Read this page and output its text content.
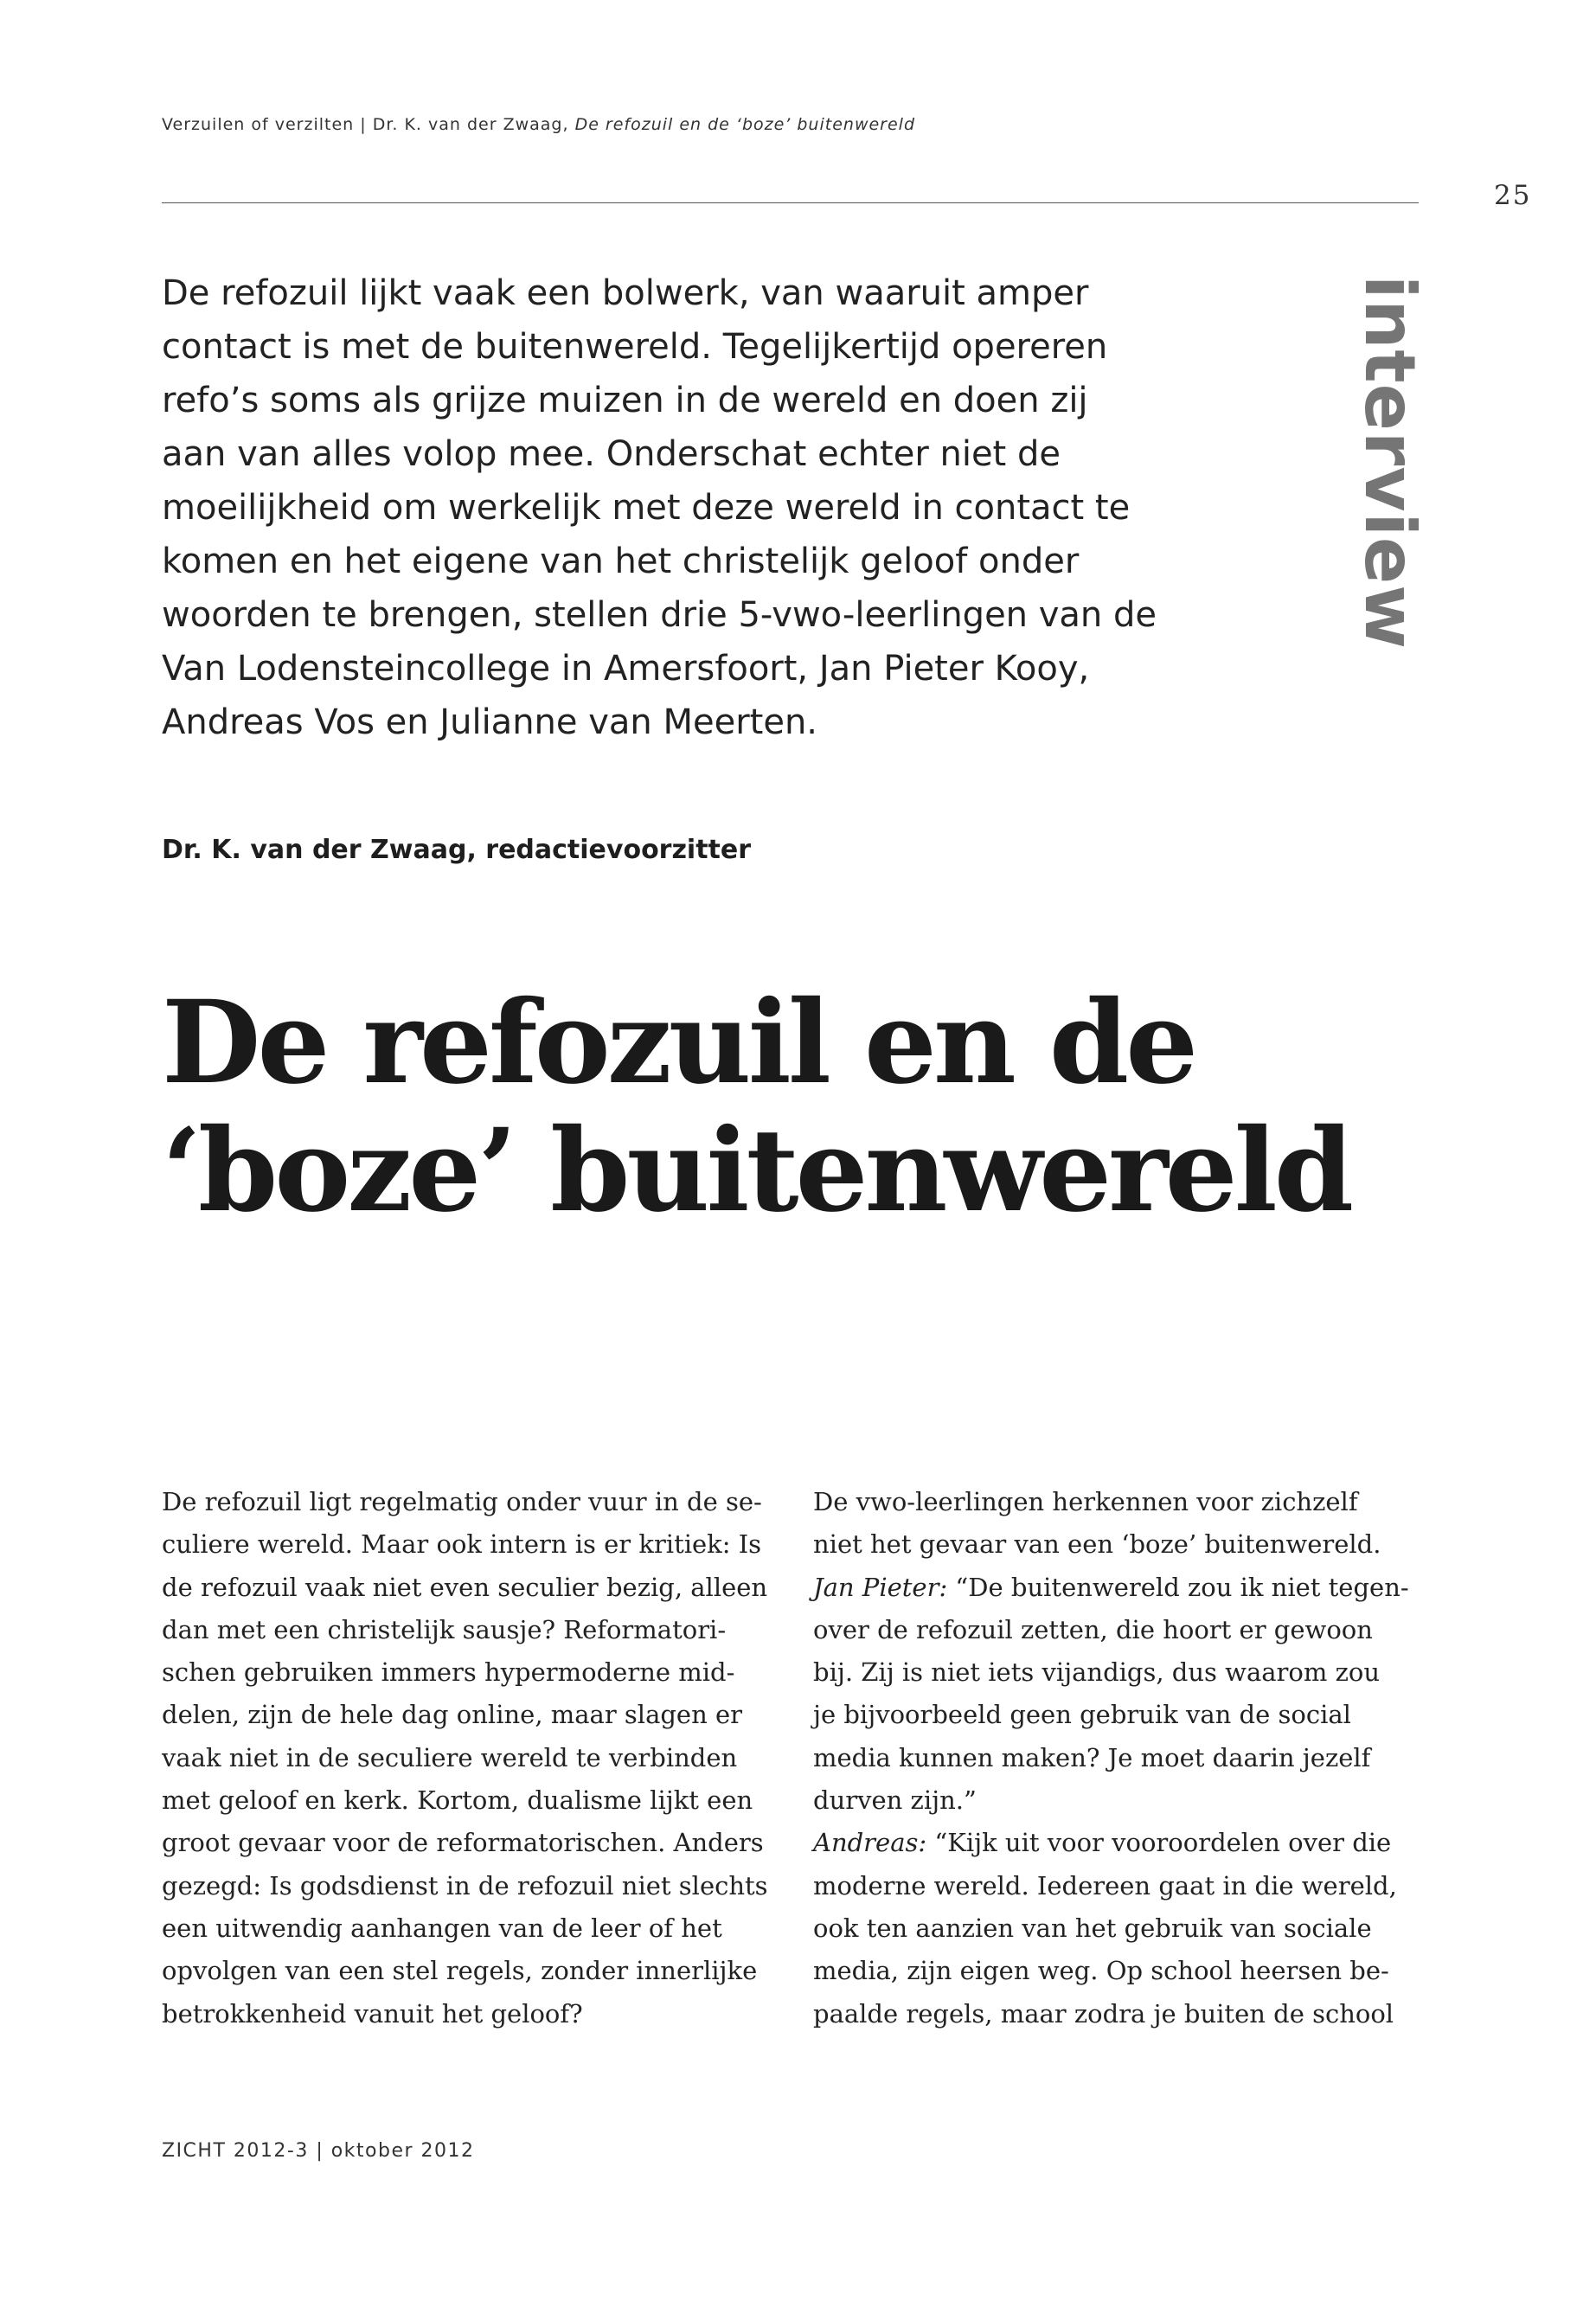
Verzuilen of verzilten | Dr. K. van der Zwaag, De refozuil en de ‘boze’ buitenwereld
25
interview
De refozuil lijkt vaak een bolwerk, van waaruit amper
contact is met de buitenwereld. Tegelijkertijd opereren
refo’s soms als grijze muizen in de wereld en doen zij
aan van alles volop mee. Onderschat echter niet de
moeilijkheid om werkelijk met deze wereld in contact te
komen en het eigene van het christelijk geloof onder
woorden te brengen, stellen drie 5-vwo-leerlingen van de
Van Lodensteincollege in Amersfoort, Jan Pieter Kooy,
Andreas Vos en Julianne van Meerten.
Dr. K. van der Zwaag, redactievoorzitter
De refozuil en de
‘boze’ buitenwereld
De refozuil ligt regelmatig onder vuur in de se-
culiere wereld. Maar ook intern is er kritiek: Is
de refozuil vaak niet even seculier bezig, alleen
dan met een christelijk sausje? Reformatori-
schen gebruiken immers hypermoderne mid-
delen, zijn de hele dag online, maar slagen er
vaak niet in de seculiere wereld te verbinden
met geloof en kerk. Kortom, dualisme lijkt een
groot gevaar voor de reformatorischen. Anders
gezegd: Is godsdienst in de refozuil niet slechts
een uitwendig aanhangen van de leer of het
opvolgen van een stel regels, zonder innerlijke
betrokkenheid vanuit het geloof?
De vwo-leerlingen herkennen voor zichzelf
niet het gevaar van een ‘boze’ buitenwereld.
Jan Pieter: “De buitenwereld zou ik niet tegen-
over de refozuil zetten, die hoort er gewoon
bij. Zij is niet iets vijandigs, dus waarom zou
je bijvoorbeeld geen gebruik van de social
media kunnen maken? Je moet daarin jezelf
durven zijn.”
Andreas: “Kijk uit voor vooroordelen over die
moderne wereld. Iedereen gaat in die wereld,
ook ten aanzien van het gebruik van sociale
media, zijn eigen weg. Op school heersen be-
paalde regels, maar zodra je buiten de school
ZICHT 2012-3 | oktober 2012
